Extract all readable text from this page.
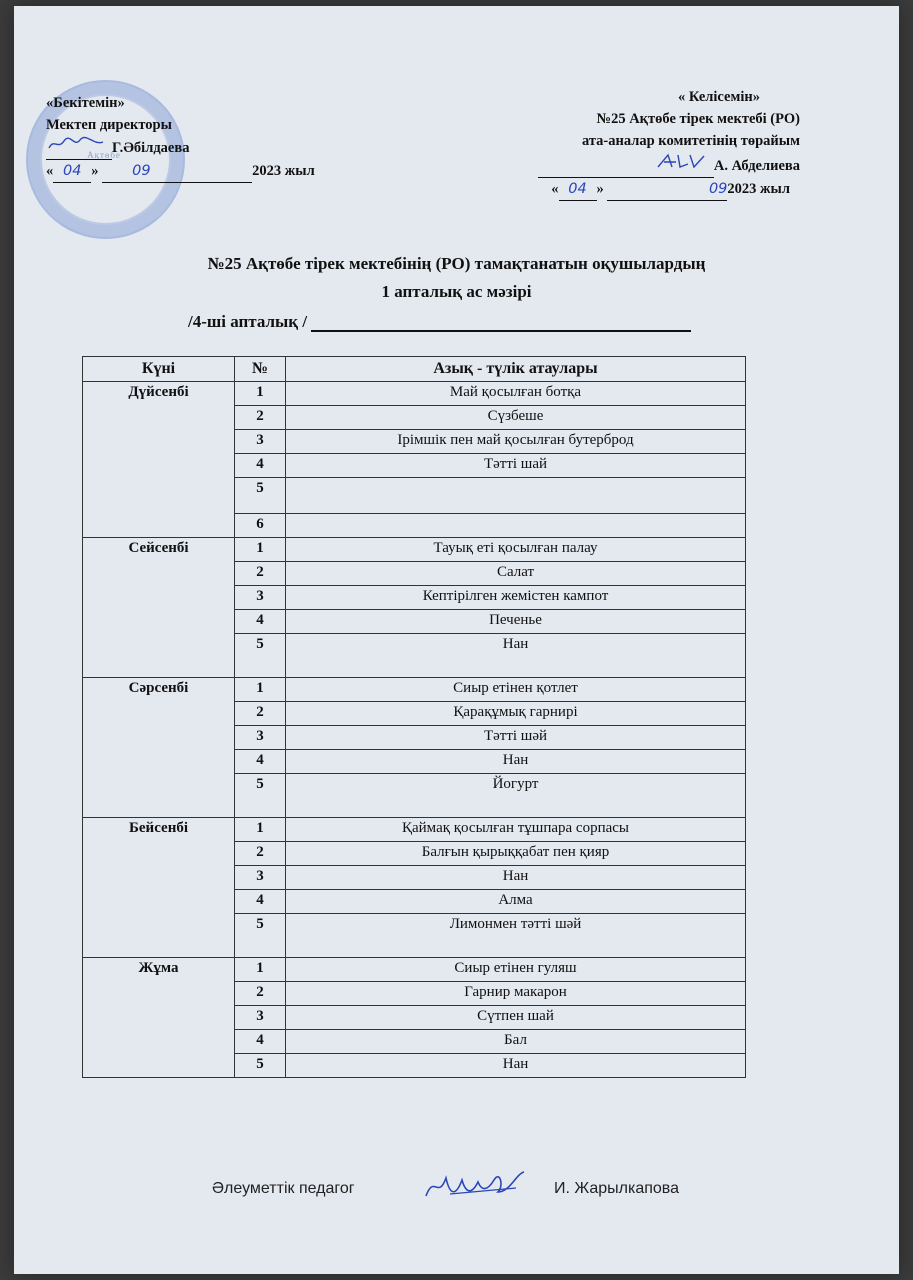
Ақтөбе
«Бекітемін»
Мектеп директоры
Г.Әбілдаева
« 04 » 09	2023 жыл
« Келісемін»
№25 Ақтөбе тірек мектебі (РО)
ата-аналар комитетінің төрайым
А. Абделиева
« 04 »	092023 жыл
№25 Ақтөбе тірек мектебінің (РО) тамақтанатын оқушылардың
1 апталық ас мәзірі
/4-ші апталық /
Күні	№	Азық - түлік атаулары
Дүйсенбі	1	Май қосылған ботқа
	2	Сүзбеше
	3	Ірімшік пен май қосылған бутерброд
	4	Тәтті шай
	5	
	6	
Сейсенбі	1	Тауық еті қосылған палау
	2	Салат
	3	Кептірілген жемістен кампот
	4	Печенье
	5	Нан
Сәрсенбі	1	Сиыр етінен қотлет
	2	Қарақұмық гарнирі
	3	Тәтті шәй
	4	Нан
	5	Йогурт
Бейсенбі	1	Қаймақ қосылған тұшпара сорпасы
	2	Балғын қырыққабат пен қияр
	3	Нан
	4	Алма
	5	Лимонмен тәтті шәй
Жұма	1	Сиыр етінен гуляш
	2	Гарнир макарон
	3	Сүтпен шай
	4	Бал
	5	Нан
Әлеуметтік педагог	И. Жарылкапова
